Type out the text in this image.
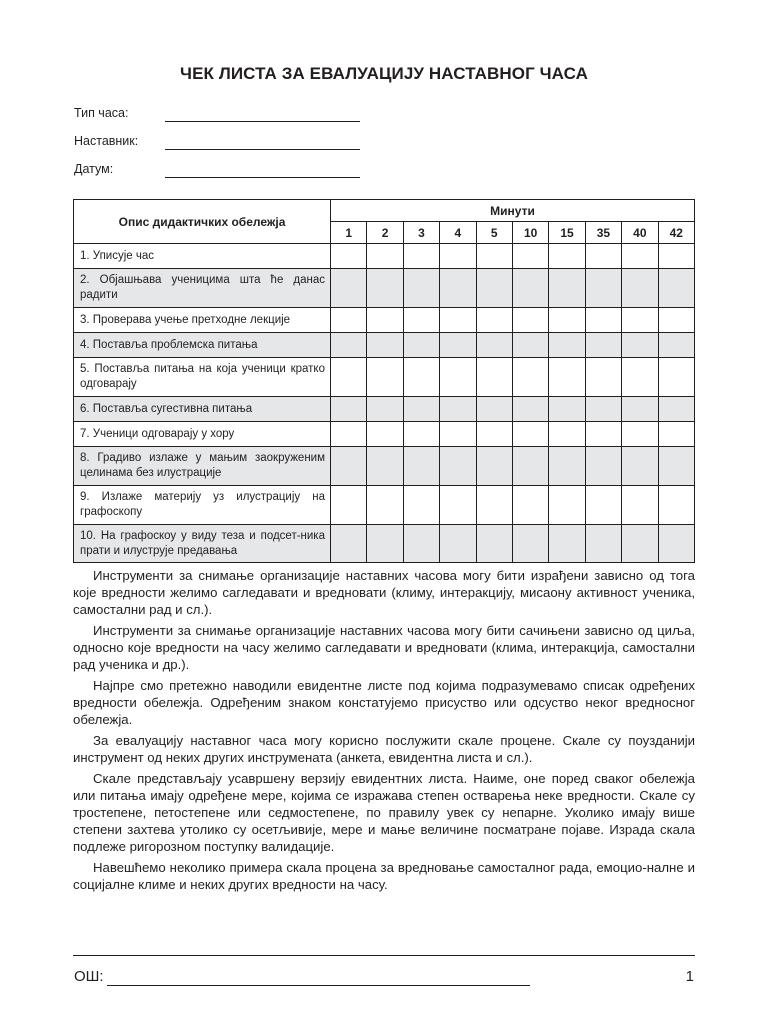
ЧЕК ЛИСТА ЗА ЕВАЛУАЦИЈУ НАСТАВНОГ ЧАСА
Тип часа:
Наставник:
Датум:
Опис дидактичких обележја	Минути									
	1	2	3	4	5	10	15	35	40	42
1. Уписује час										
2. Објашњава ученицима шта ће данас радити										
3. Проверава учење претходне лекције										
4. Поставља проблемска питања										
5. Поставља питања на која ученици кратко одговарају										
6. Поставља сугестивна питања										
7. Ученици одговарају у хору										
8. Градиво излаже у мањим заокруженим целинама без илустрације										
9. Излаже материју уз илустрацију на графоскопу										
10. На графоскоу у виду теза и подсет-ника прати и илуструје предавања										

Инструменти за снимање организације наставних часова могу бити израђени зависно од тога које вредности желимо сагледавати и вредновати (климу, интеракцију, мисаону активност ученика, самостални рад и сл.).

Инструменти за снимање организације наставних часова могу бити сачињени зависно од циља, односно које вредности на часу желимо сагледавати и вредновати (клима, интеракција, самостални рад ученика и др.).

Најпре смо претежно наводили евидентне листе под којима подразумевамо списак одређених вредности обележја. Одређеним знаком констатујемо присуство или одсуство неког вредносног обележја.

За евалуацију наставног часа могу корисно послужити скале процене. Скале су поузданији инструмент од неких других инструмената (анкета, евидентна листа и сл.).

Скале представљају усавршену верзију евидентних листа. Наиме, оне поред сваког обележја или питања имају одређене мере, којима се изражава степен остварења неке вредности. Скале су тростепене, петостепене или седмостепене, по правилу увек су непарне. Уколико имају више степени захтева утолико су осетљивије, мере и мање величине посматране појаве. Израда скала подлеже ригорозном поступку валидације.

Навешћемо неколико примера скала процена за вредновање самосталног рада, емоцио-налне и социјалне климе и неких других вредности на часу.

ОШ:	1
